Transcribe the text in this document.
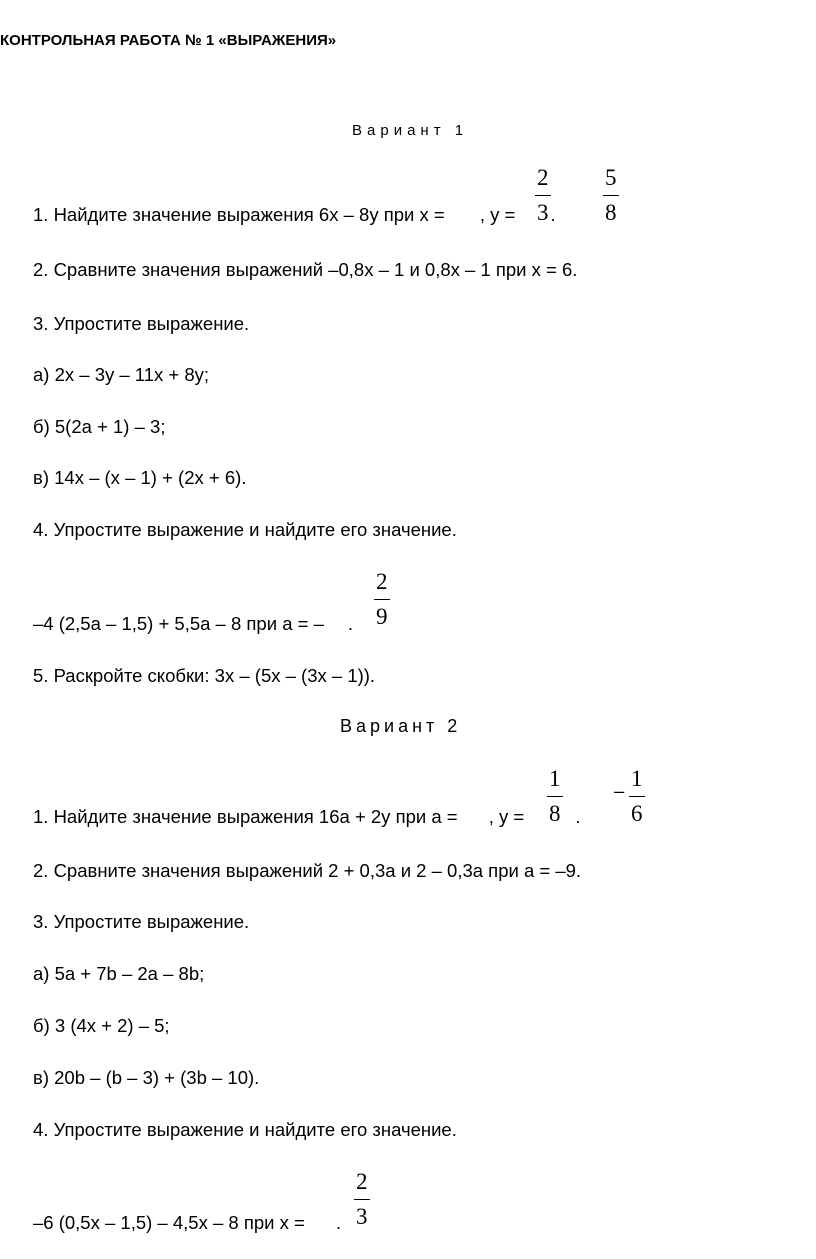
КОНТРОЛЬНАЯ РАБОТА № 1 «ВЫРАЖЕНИЯ»
Вариант 1
1. Найдите значение выражения 6x – 8y при x = , y = .
2
3
5
8
2. Сравните значения выражений –0,8x – 1 и 0,8x – 1 при x = 6.
3. Упростите выражение.
а) 2x – 3y – 11x + 8y;
б) 5(2a + 1) – 3;
в) 14x – (x – 1) + (2x + 6).
4. Упростите выражение и найдите его значение.
–4 (2,5a – 1,5) + 5,5a – 8 при a = – .
2
9
5. Раскройте скобки: 3x – (5x – (3x – 1)).
Вариант 2
1. Найдите значение выражения 16a + 2y при a = , y = .
1
8
– 1
6
2. Сравните значения выражений 2 + 0,3a и 2 – 0,3a при a = –9.
3. Упростите выражение.
а) 5a + 7b – 2a – 8b;
б) 3 (4x + 2) – 5;
в) 20b – (b – 3) + (3b – 10).
4. Упростите выражение и найдите его значение.
–6 (0,5x – 1,5) – 4,5x – 8 при x = .
2
3
